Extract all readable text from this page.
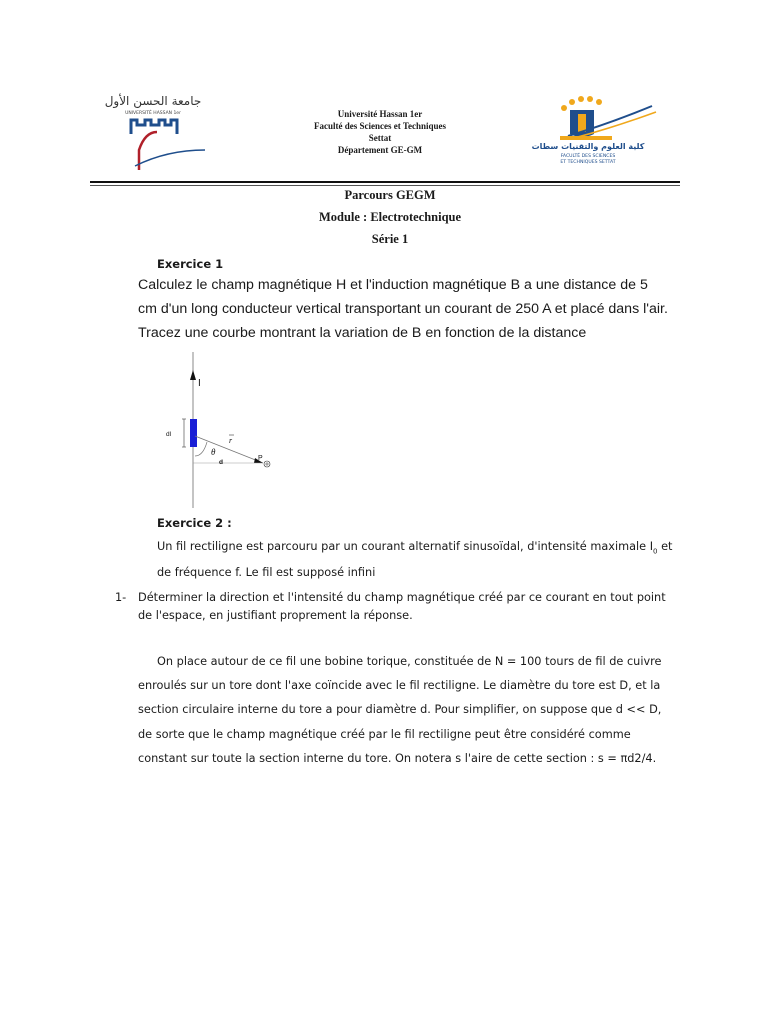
جامعة الحسن الأول
UNIVERSITÉ HASSAN 1er	Université Hassan 1er
Faculté des Sciences et Techniques
Settat
Département GE-GM	كلية العلوم والتقنيات سطات
FACULTÉ DES SCIENCES
ET TECHNIQUES SETTAT
Parcours GEGM
Module : Electrotechnique
Série 1
Exercice 1
Calculez le champ magnétique H et l'induction magnétique B a une distance de 5
cm d'un long conducteur vertical transportant un courant de 250 A et placé dans l'air.
Tracez une courbe montrant la variation de B en fonction de la distance
I
dl
r
θ
d
P
Exercice 2 :
Un fil rectiligne est parcouru par un courant alternatif sinusoïdal, d'intensité maximale $I_0$ et
de fréquence f. Le fil est supposé infini
1- Déterminer la direction et l'intensité du champ magnétique créé par ce courant en tout point
de l'espace, en justifiant proprement la réponse.
On place autour de ce fil une bobine torique, constituée de N = 100 tours de fil de cuivre
enroulés sur un tore dont l'axe coïncide avec le fil rectiligne. Le diamètre du tore est D, et la
section circulaire interne du tore a pour diamètre d. Pour simplifier, on suppose que d << D,
de sorte que le champ magnétique créé par le fil rectiligne peut être considéré comme
constant sur toute la section interne du tore. On notera s l'aire de cette section : s = πd2/4.
